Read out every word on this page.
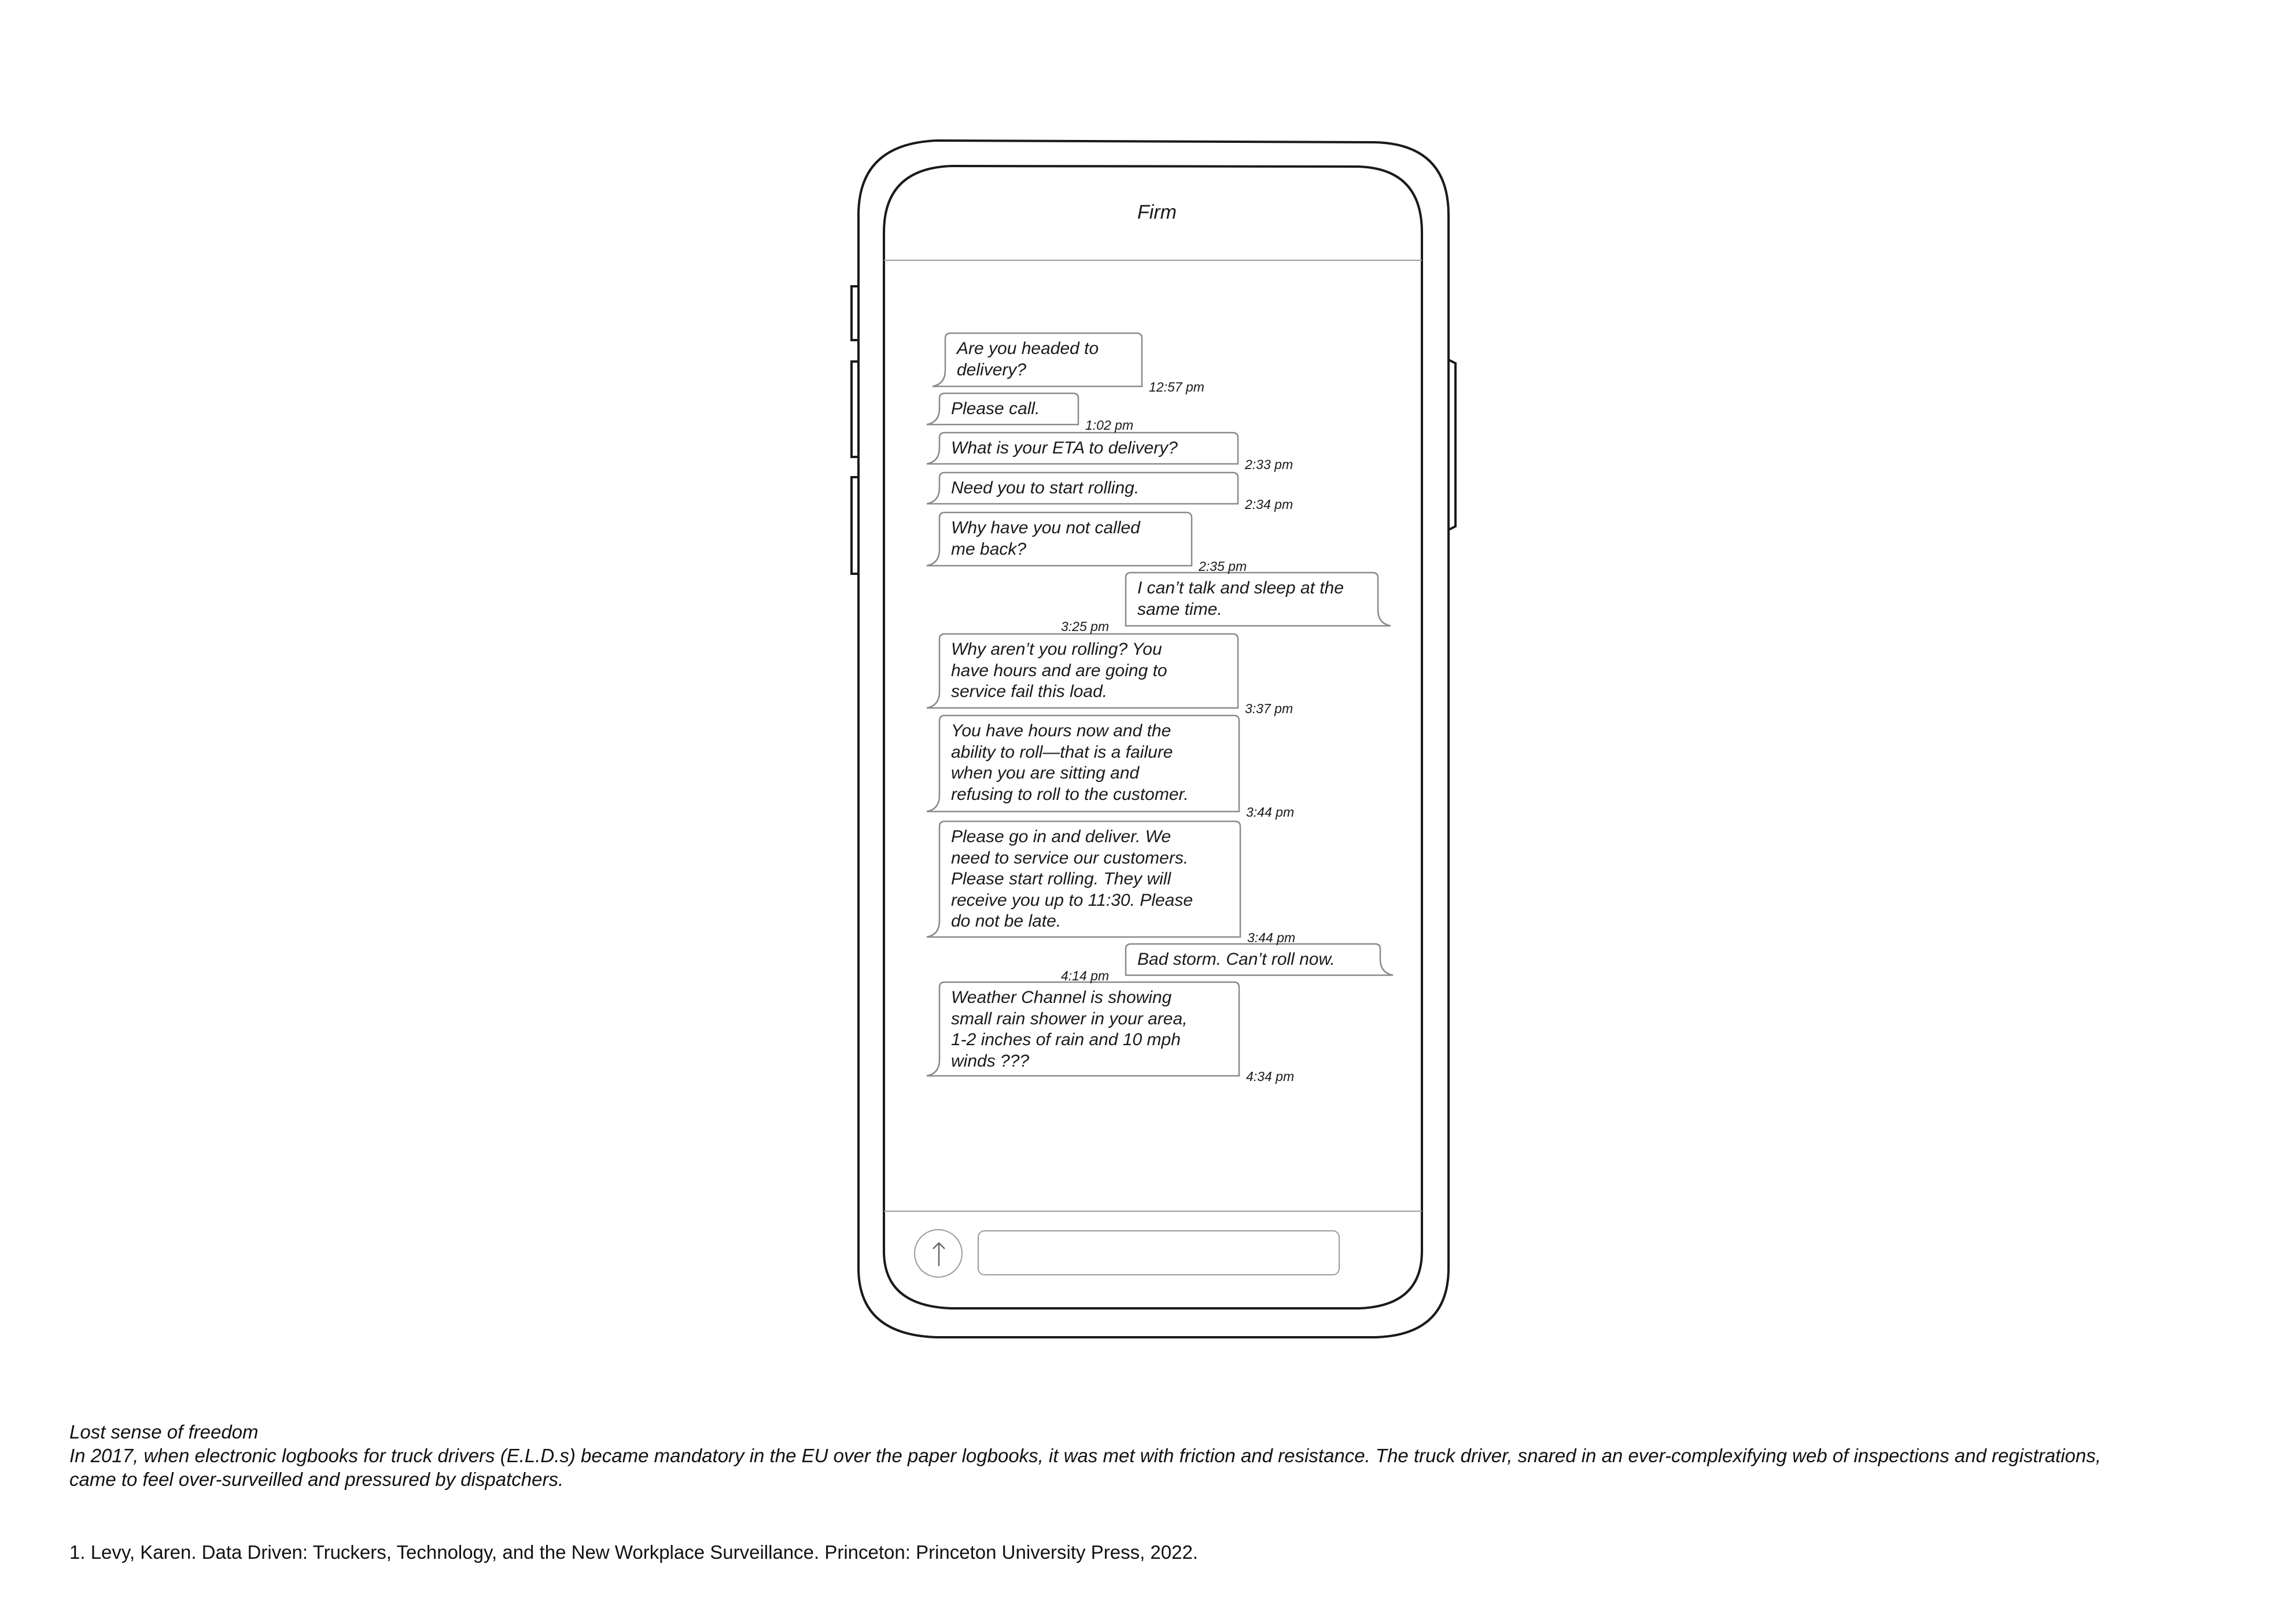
Firm
Are you headed to
delivery?
12:57 pm
Please call.
1:02 pm
What is your ETA to delivery?
2:33 pm
Need you to start rolling.
2:34 pm
Why have you not called
me back?
2:35 pm
I can’t talk and sleep at the
same time.
3:25 pm
Why aren’t you rolling? You
have hours and are going to
service fail this load.
3:37 pm
You have hours now and the
ability to roll—that is a failure
when you are sitting and
refusing to roll to the customer.
3:44 pm
Please go in and deliver. We
need to service our customers.
Please start rolling. They will
receive you up to 11:30. Please
do not be late.
3:44 pm
Bad storm. Can’t roll now.
4:14 pm
Weather Channel is showing
small rain shower in your area,
1-2 inches of rain and 10 mph
winds ???
4:34 pm
Lost sense of freedom
In 2017, when electronic logbooks for truck drivers (E.L.D.s) became mandatory in the EU over the paper logbooks, it was met with friction and resistance. The truck driver, snared in an ever-complexifying web of inspections and registrations,
came to feel over-surveilled and pressured by dispatchers.
1. Levy, Karen. Data Driven: Truckers, Technology, and the New Workplace Surveillance. Princeton: Princeton University Press, 2022.
